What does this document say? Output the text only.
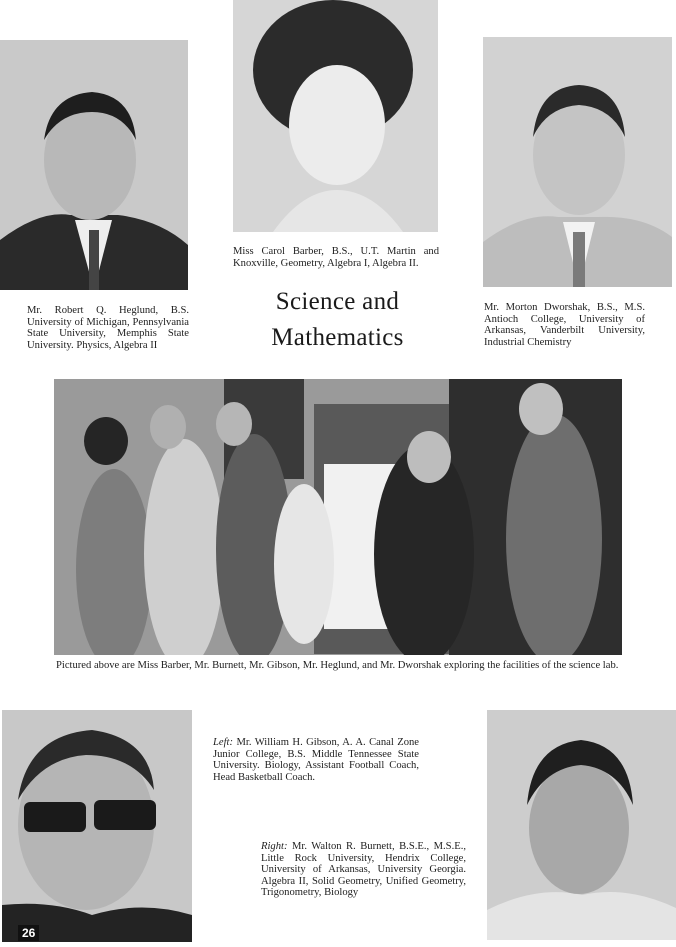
Miss Carol Barber, B.S., U.T. Martin and Knoxville, Geometry, Algebra I, Algebra II.
Mr. Robert Q. Heglund, B.S. University of Michigan, Pennsylvania State University, Memphis State University. Physics, Algebra II
Mr. Morton Dworshak, B.S., M.S. Antioch College, University of Arkansas, Vanderbilt University, Industrial Chemistry
Science and
Mathematics
Pictured above are Miss Barber, Mr. Burnett, Mr. Gibson, Mr. Heglund, and Mr. Dworshak exploring the facilities of the science lab.
Left: Mr. William H. Gibson, A. A. Canal Zone Junior College, B.S. Middle Tennessee State University. Biology, Assistant Football Coach, Head Basketball Coach.
Right: Mr. Walton R. Burnett, B.S.E., M.S.E., Little Rock University, Hendrix College, University of Arkansas, University Georgia. Algebra II, Solid Geometry, Unified Geometry, Trigonometry, Biology
26
